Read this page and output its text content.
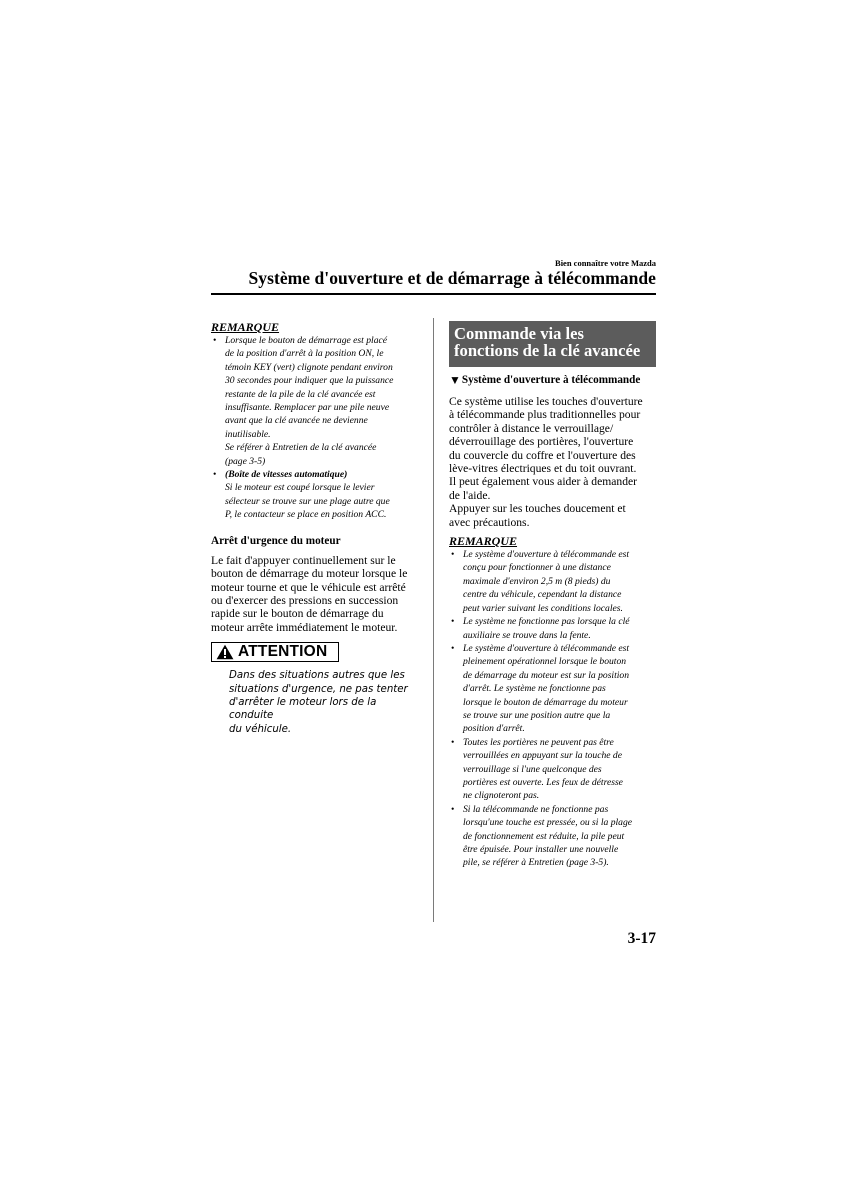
Bien connaître votre Mazda
Système d'ouverture et de démarrage à télécommande
REMARQUE
• Lorsque le bouton de démarrage est placé
de la position d'arrêt à la position ON, le
témoin KEY (vert) clignote pendant environ
30 secondes pour indiquer que la puissance
restante de la pile de la clé avancée est
insuffisante. Remplacer par une pile neuve
avant que la clé avancée ne devienne
inutilisable.
Se référer à Entretien de la clé avancée
(page 3-5)
• (Boîte de vitesses automatique)
Si le moteur est coupé lorsque le levier
sélecteur se trouve sur une plage autre que
P, le contacteur se place en position ACC.
Arrêt d'urgence du moteur
Le fait d'appuyer continuellement sur le
bouton de démarrage du moteur lorsque le
moteur tourne et que le véhicule est arrêté
ou d'exercer des pressions en succession
rapide sur le bouton de démarrage du
moteur arrête immédiatement le moteur.
ATTENTION
Dans des situations autres que les
situations d'urgence, ne pas tenter
d'arrêter le moteur lors de la conduite
du véhicule.
Commande via les
fonctions de la clé avancée
▼ Système d'ouverture à télécommande
Ce système utilise les touches d'ouverture
à télécommande plus traditionnelles pour
contrôler à distance le verrouillage/
déverrouillage des portières, l'ouverture
du couvercle du coffre et l'ouverture des
lève-vitres électriques et du toit ouvrant.
Il peut également vous aider à demander
de l'aide.
Appuyer sur les touches doucement et
avec précautions.
REMARQUE
• Le système d'ouverture à télécommande est
conçu pour fonctionner à une distance
maximale d'environ 2,5 m (8 pieds) du
centre du véhicule, cependant la distance
peut varier suivant les conditions locales.
• Le système ne fonctionne pas lorsque la clé
auxiliaire se trouve dans la fente.
• Le système d'ouverture à télécommande est
pleinement opérationnel lorsque le bouton
de démarrage du moteur est sur la position
d'arrêt. Le système ne fonctionne pas
lorsque le bouton de démarrage du moteur
se trouve sur une position autre que la
position d'arrêt.
• Toutes les portières ne peuvent pas être
verrouillées en appuyant sur la touche de
verrouillage si l'une quelconque des
portières est ouverte. Les feux de détresse
ne clignoteront pas.
• Si la télécommande ne fonctionne pas
lorsqu'une touche est pressée, ou si la plage
de fonctionnement est réduite, la pile peut
être épuisée. Pour installer une nouvelle
pile, se référer à Entretien (page 3-5).
3-17
